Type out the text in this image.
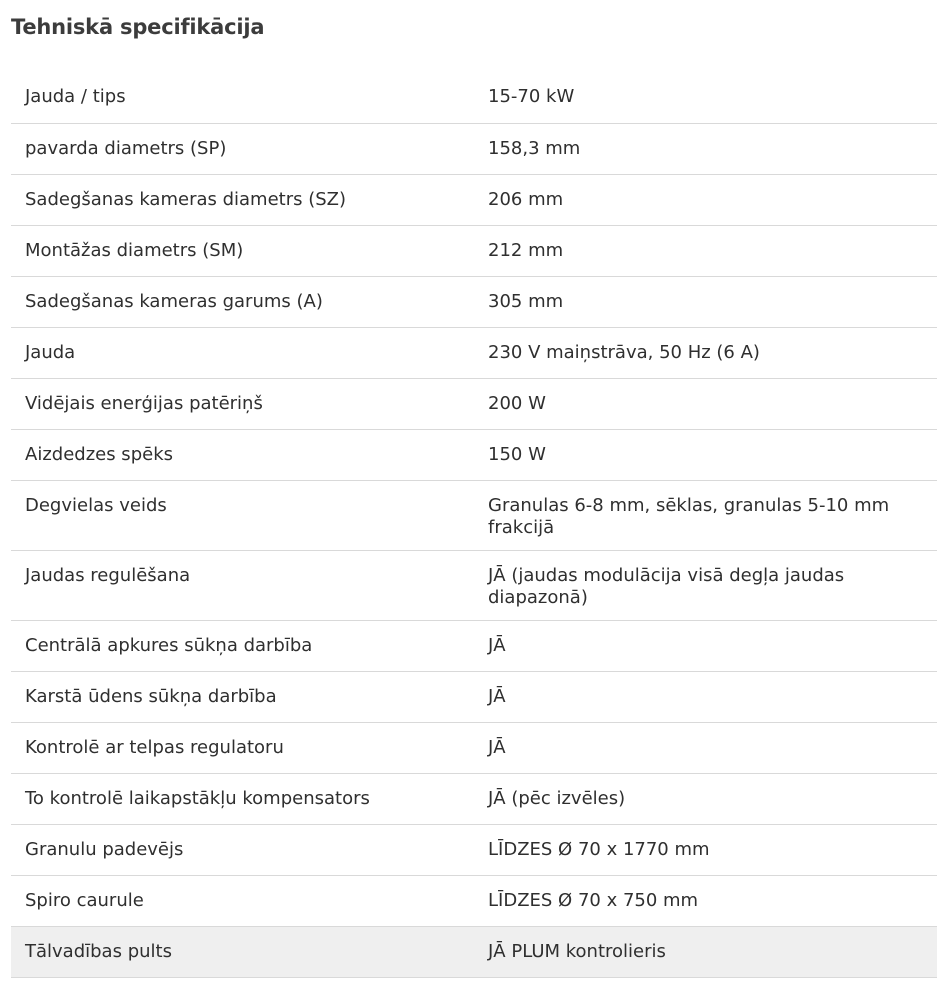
Tehniskā specifikācija
Jauda / tips	15-70 kW
pavarda diametrs (SP)	158,3 mm
Sadegšanas kameras diametrs (SZ)	206 mm
Montāžas diametrs (SM)	212 mm
Sadegšanas kameras garums (A)	305 mm
Jauda	230 V maiņstrāva, 50 Hz (6 A)
Vidējais enerģijas patēriņš	200 W
Aizdedzes spēks	150 W
Degvielas veids	Granulas 6-8 mm, sēklas, granulas 5-10 mm frakcijā
Jaudas regulēšana	JĀ (jaudas modulācija visā degļa jaudas diapazonā)
Centrālā apkures sūkņa darbība	JĀ
Karstā ūdens sūkņa darbība	JĀ
Kontrolē ar telpas regulatoru	JĀ
To kontrolē laikapstākļu kompensators	JĀ (pēc izvēles)
Granulu padevējs	LĪDZES Ø 70 x 1770 mm
Spiro caurule	LĪDZES Ø 70 x 750 mm
Tālvadības pults	JĀ PLUM kontrolieris
